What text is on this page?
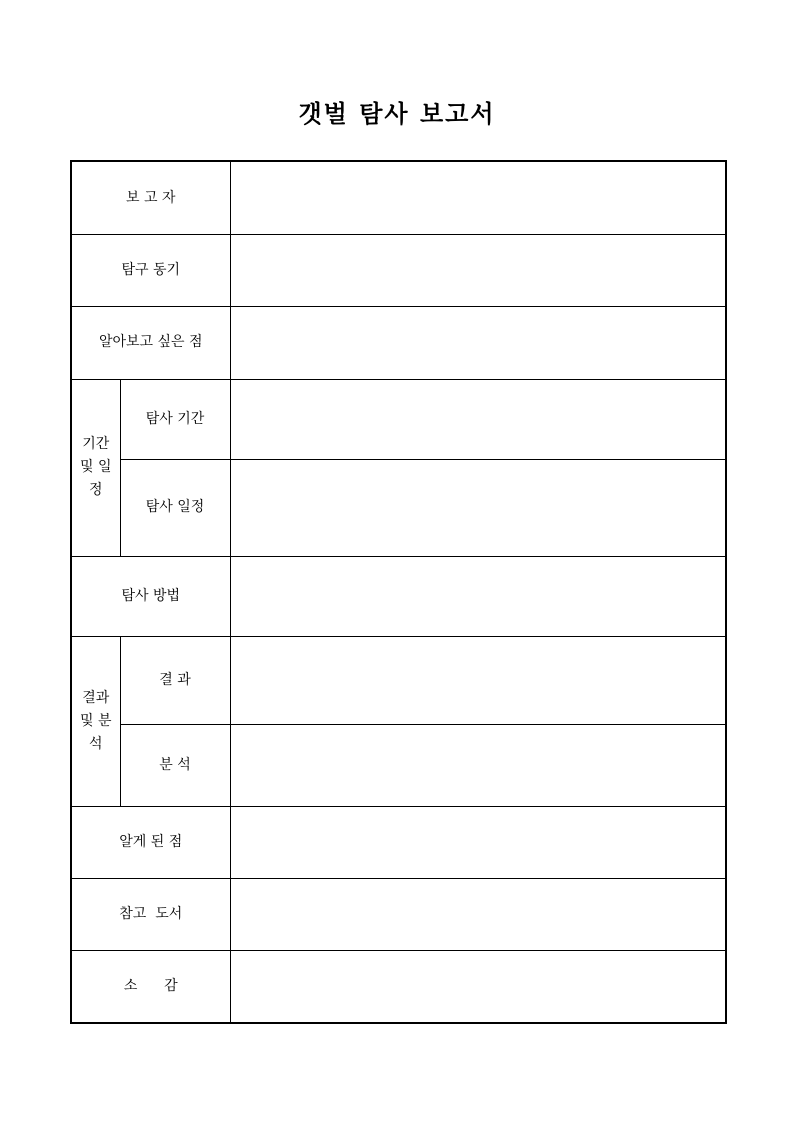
갯벌 탐사 보고서
보 고 자		
탐구 동기		
알아보고 싶은 점		
기간 및 일정	탐사 기간	
	탐사 일정	
탐사 방법		
결과 및 분석	결 과	
	분 석	
알게 된 점		
참고  도서		
소      감		
